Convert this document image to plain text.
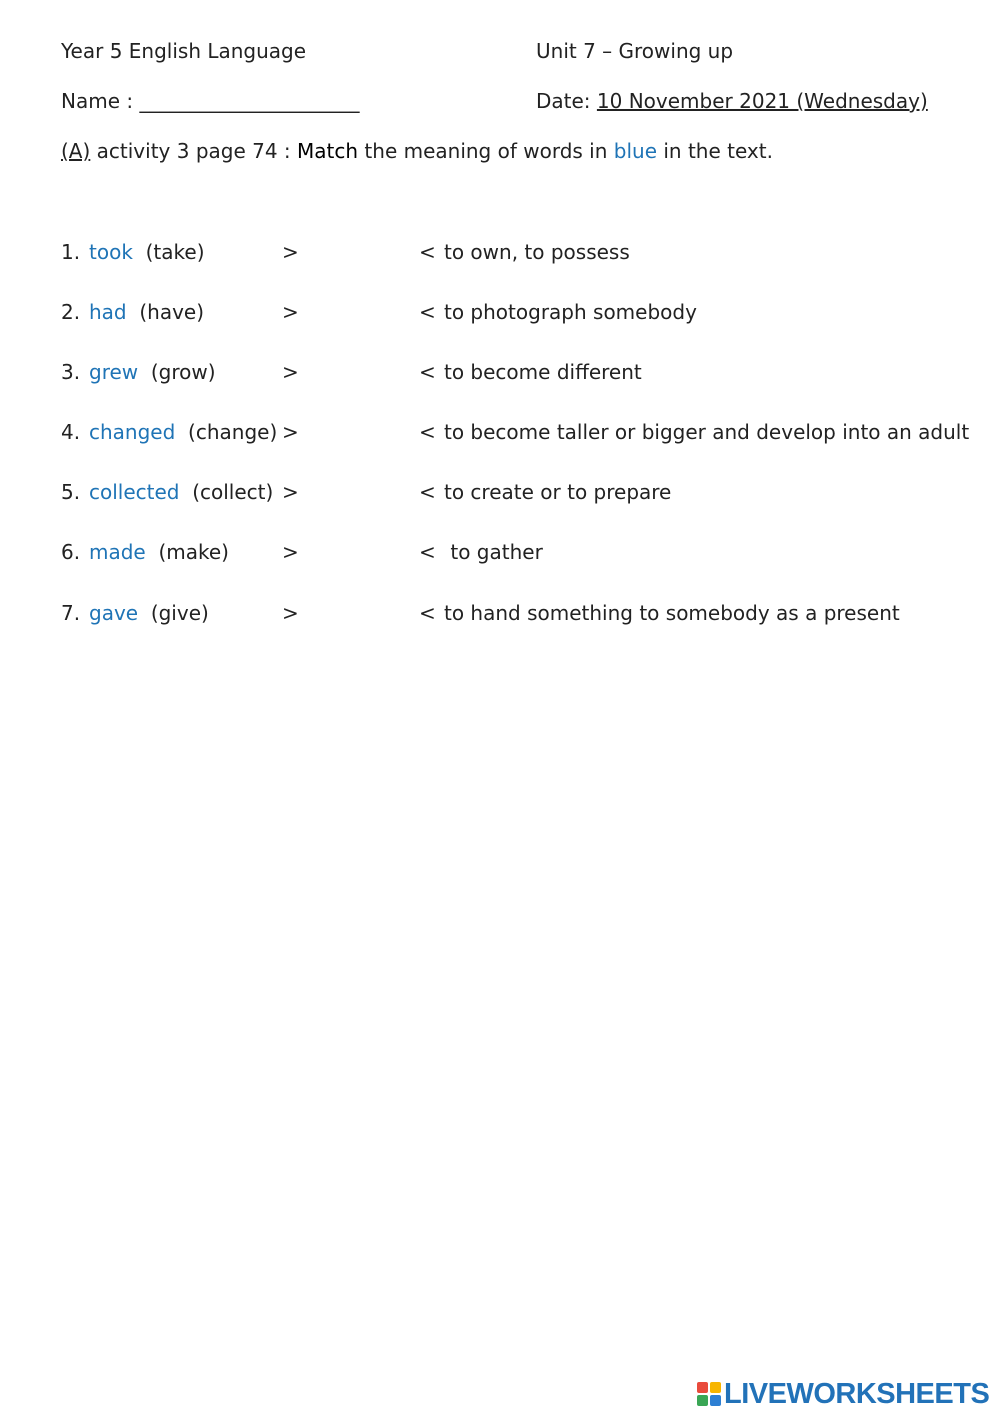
Year 5 English Language	Unit 7 – Growing up
Name : ______________________	Date: 10 November 2021 (Wednesday)
(A) activity 3 page 74 : Match the meaning of words in blue in the text.
1. took (take)	>	< to own, to possess
2. had (have)	>	< to photograph somebody
3. grew (grow)	>	< to become different
4. changed (change) >	< to become taller or bigger and develop into an adult
5. collected (collect) >	< to create or to prepare
6. made (make)	>	< to gather
7. gave (give)	>	< to hand something to somebody as a present
LIVEWORKSHEETS
